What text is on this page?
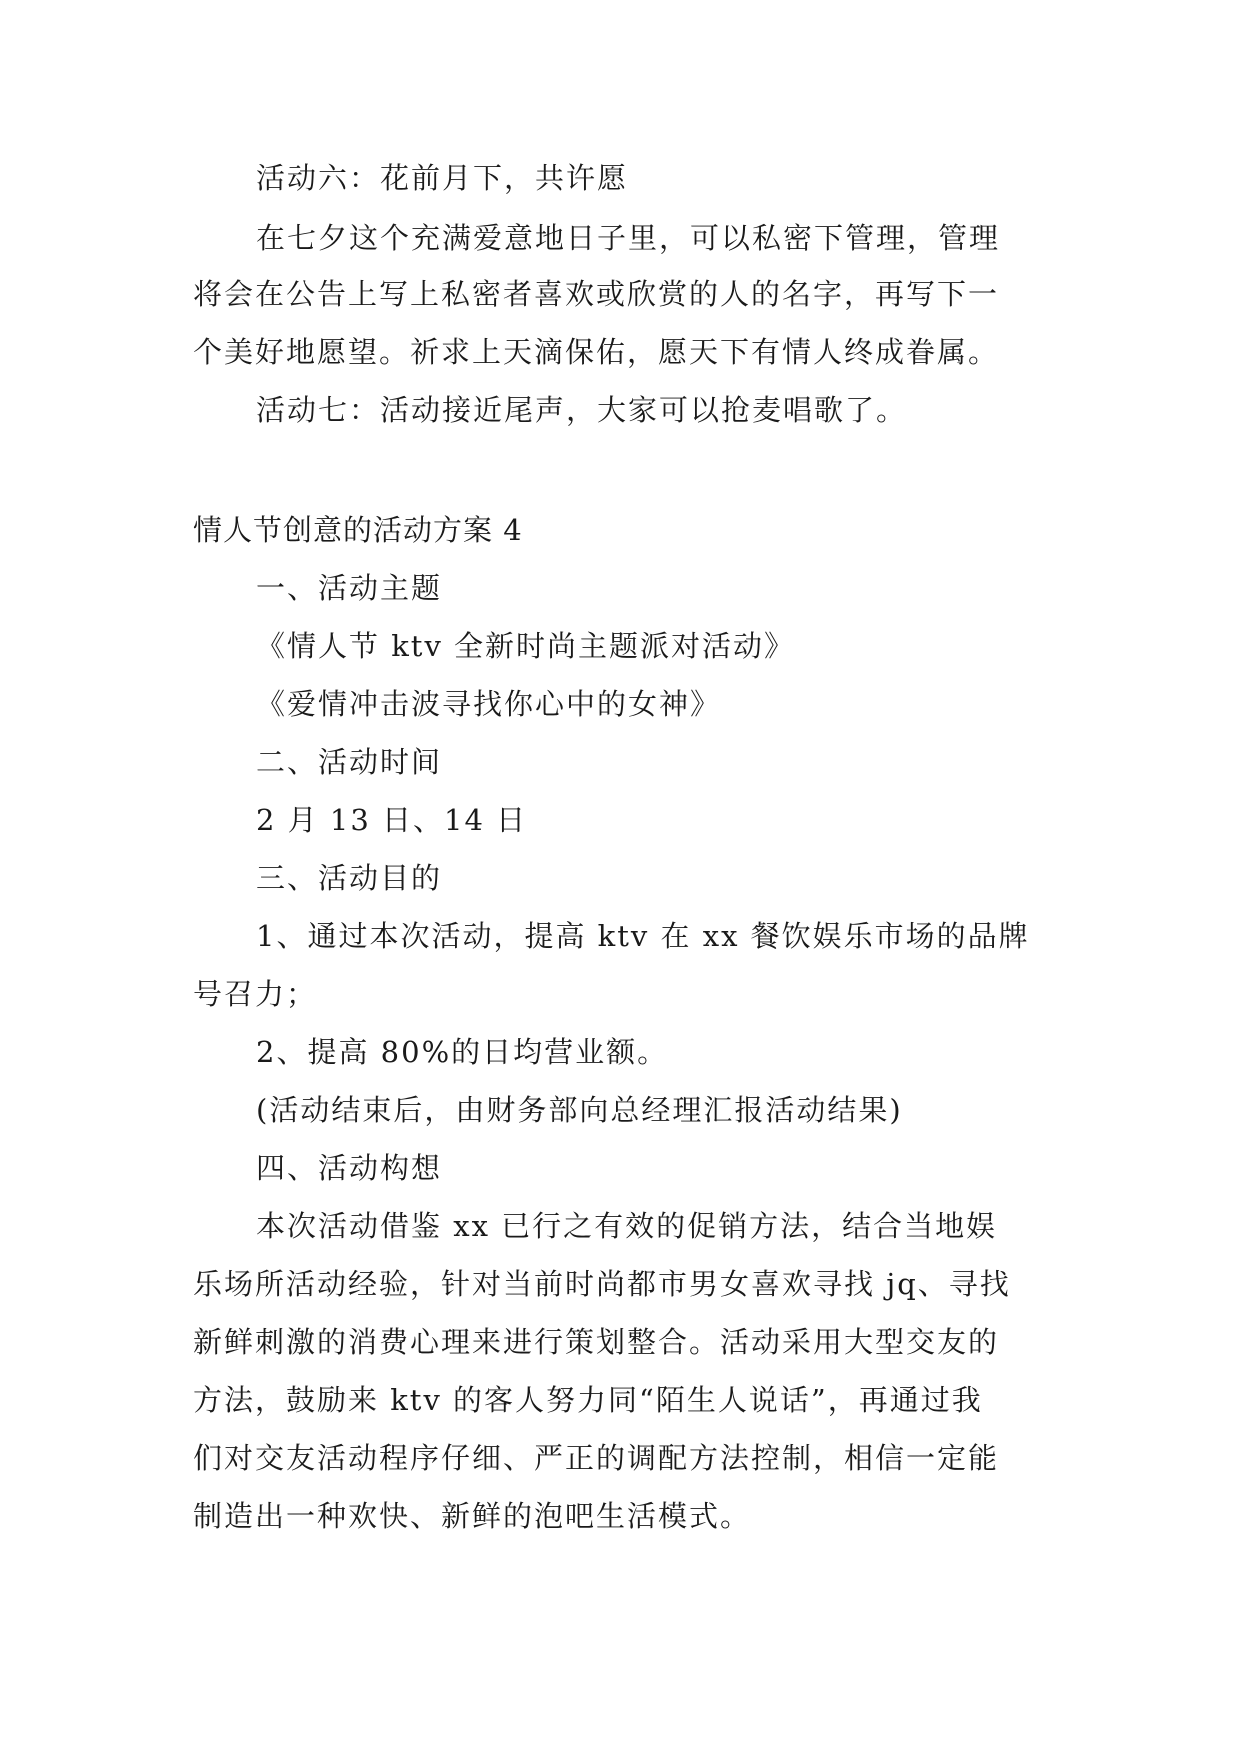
活动六：花前月下，共许愿
在七夕这个充满爱意地日子里，可以私密下管理，管理
将会在公告上写上私密者喜欢或欣赏的人的名字，再写下一
个美好地愿望。祈求上天滴保佑，愿天下有情人终成眷属。
活动七：活动接近尾声，大家可以抢麦唱歌了。
情人节创意的活动方案 4
一、活动主题
《情人节 ktv 全新时尚主题派对活动》
《爱情冲击波寻找你心中的女神》
二、活动时间
2 月 13 日、14 日
三、活动目的
1、通过本次活动，提高 ktv 在 xx 餐饮娱乐市场的品牌
号召力；
2、提高 80%的日均营业额。
(活动结束后，由财务部向总经理汇报活动结果)
四、活动构想
本次活动借鉴 xx 已行之有效的促销方法，结合当地娱
乐场所活动经验，针对当前时尚都市男女喜欢寻找 jq、寻找
新鲜刺激的消费心理来进行策划整合。活动采用大型交友的
方法，鼓励来 ktv 的客人努力同“陌生人说话”，再通过我
们对交友活动程序仔细、严正的调配方法控制，相信一定能
制造出一种欢快、新鲜的泡吧生活模式。
